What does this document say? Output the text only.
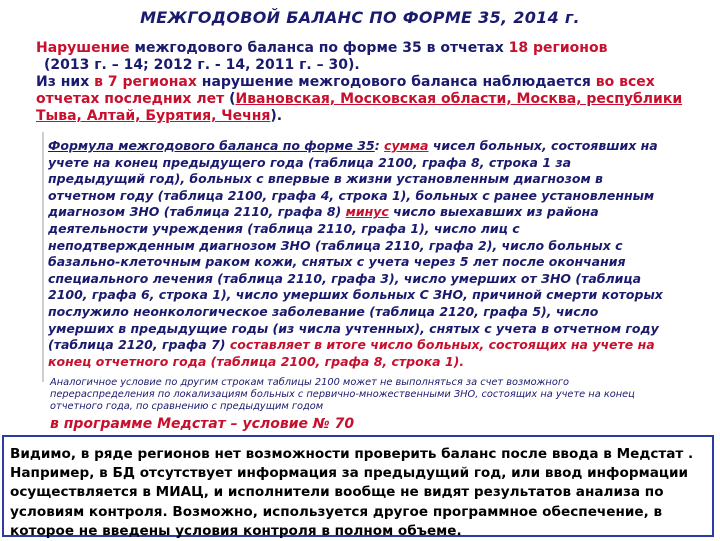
МЕЖГОДОВОЙ БАЛАНС ПО ФОРМЕ 35, 2014 г.
Нарушение межгодового баланса по форме 35 в отчетах 18 регионов (2013 г. – 14; 2012 г. - 14, 2011 г. – 30).
Из них в 7 регионах нарушение межгодового баланса наблюдается во всех отчетах последних лет (Ивановская, Московская области, Москва, республики Тыва, Алтай, Бурятия, Чечня).
Формула межгодового баланса по форме 35: сумма чисел больных, состоявших на учете на конец предыдущего года (таблица 2100, графа 8, строка 1 за предыдущий год), больных с впервые в жизни установленным диагнозом в отчетном году (таблица 2100, графа 4, строка 1), больных с ранее установленным диагнозом ЗНО (таблица 2110, графа 8) минус число выехавших из района деятельности учреждения (таблица 2110, графа 1), число лиц с неподтвержденным диагнозом ЗНО (таблица 2110, графа 2), число больных с базально-клеточным раком кожи, снятых с учета через 5 лет после окончания специального лечения (таблица 2110, графа 3), число умерших от ЗНО (таблица 2100, графа 6, строка 1), число умерших больных С ЗНО, причиной смерти которых послужило неонкологическое заболевание (таблица 2120, графа 5), число умерших в предыдущие годы (из числа учтенных), снятых с учета в отчетном году (таблица 2120, графа 7) составляет в итоге число больных, состоящих на учете на конец отчетного года (таблица 2100, графа 8, строка 1).
Аналогичное условие по другим строкам таблицы 2100 может не выполняться за счет возможного перераспределения по локализациям больных с первично-множественными ЗНО, состоящих на учете на конец отчетного года, по сравнению с предыдущим годом
в программе Медстат – условие № 70
Видимо, в ряде регионов нет возможности проверить баланс после ввода в Медстат . Например, в БД отсутствует информация за предыдущий год, или ввод информации осуществляется в МИАЦ, и исполнители вообще не видят результатов анализа по условиям контроля. Возможно, используется другое программное обеспечение, в которое не введены условия контроля в полном объеме.
